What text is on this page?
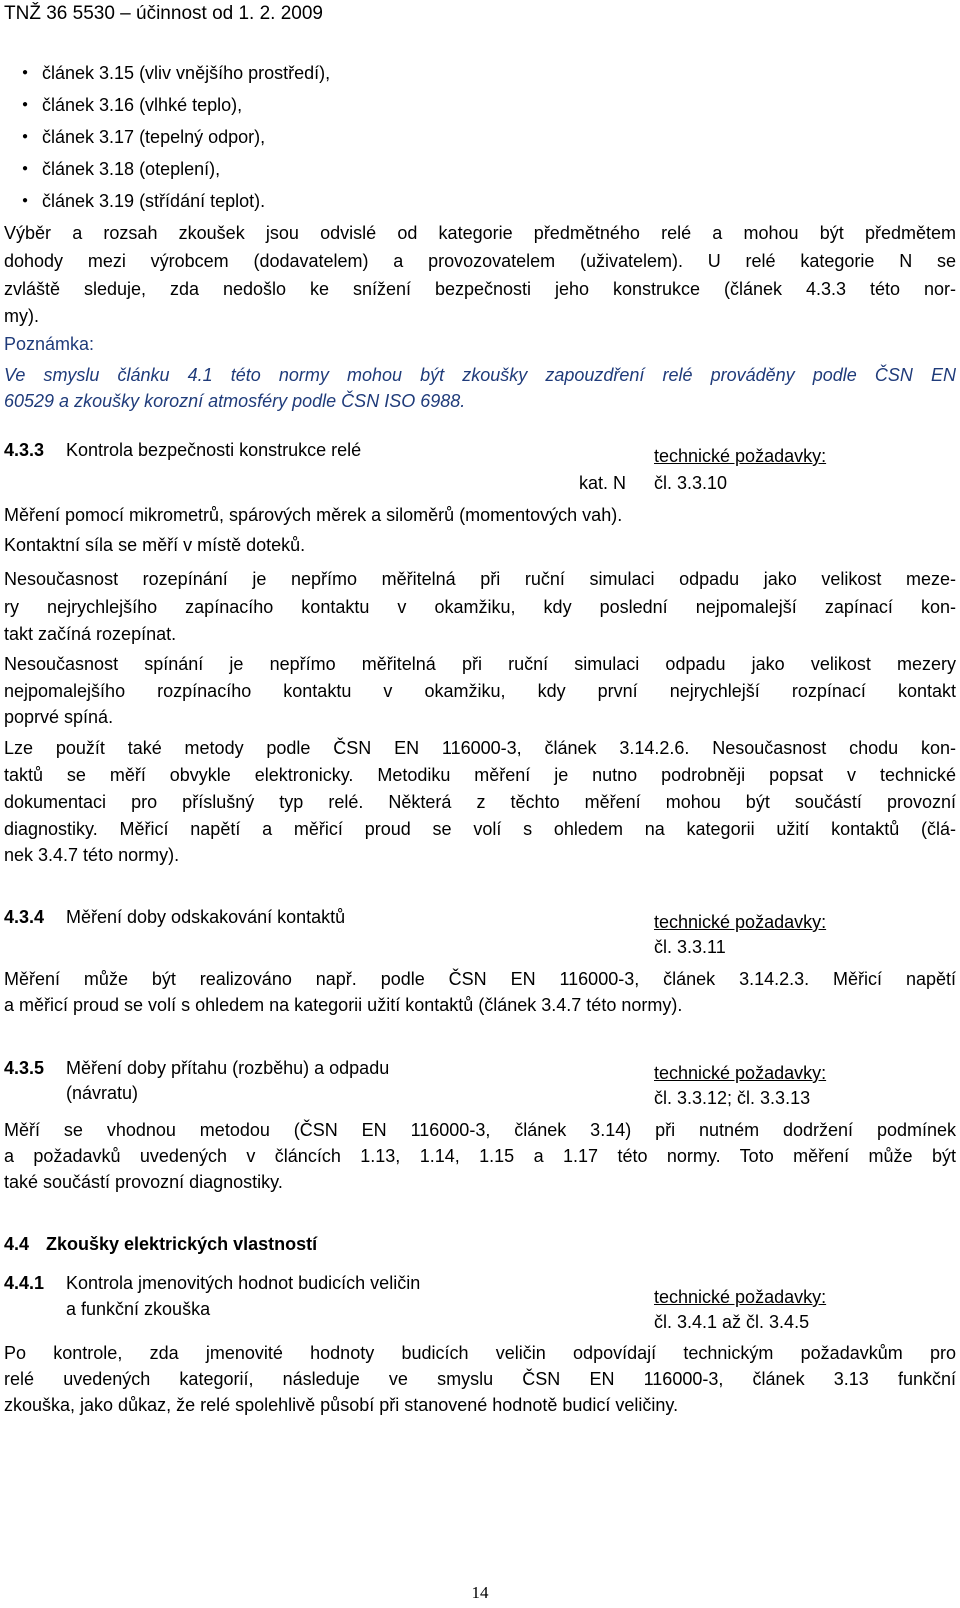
TNŽ 36 5530 – účinnost od 1. 2. 2009
● článek 3.15 (vliv vnějšího prostředí),
● článek 3.16 (vlhké teplo),
● článek 3.17 (tepelný odpor),
● článek 3.18 (oteplení),
● článek 3.19 (střídání teplot).
Výběr a rozsah zkoušek jsou odvislé od kategorie předmětného relé a mohou být předmětem
dohody mezi výrobcem (dodavatelem) a provozovatelem (uživatelem). U relé kategorie N se
zvláště sleduje, zda nedošlo ke snížení bezpečnosti jeho konstrukce (článek 4.3.3 této nor-
my).
Poznámka:
Ve smyslu článku 4.1 této normy mohou být zkoušky zapouzdření relé prováděny podle ČSN EN
60529 a zkoušky korozní atmosféry podle ČSN ISO 6988.
4.3.3 Kontrola bezpečnosti konstrukce relé	technické požadavky:
kat. N čl. 3.3.10
Měření pomocí mikrometrů, spárových měrek a siloměrů (momentových vah).
Kontaktní síla se měří v místě doteků.
Nesoučasnost rozepínání je nepřímo měřitelná při ruční simulaci odpadu jako velikost meze-
ry nejrychlejšího zapínacího kontaktu v okamžiku, kdy poslední nejpomalejší zapínací kon-
takt začíná rozepínat.
Nesoučasnost spínání je nepřímo měřitelná při ruční simulaci odpadu jako velikost mezery
nejpomalejšího rozpínacího kontaktu v okamžiku, kdy první nejrychlejší rozpínací kontakt
poprvé spíná.
Lze použít také metody podle ČSN EN 116000-3, článek 3.14.2.6. Nesoučasnost chodu kon-
taktů se měří obvykle elektronicky. Metodiku měření je nutno podrobněji popsat v technické
dokumentaci pro příslušný typ relé. Některá z těchto měření mohou být součástí provozní
diagnostiky. Měřicí napětí a měřicí proud se volí s ohledem na kategorii užití kontaktů (člá-
nek 3.4.7 této normy).
4.3.4 Měření doby odskakování kontaktů	technické požadavky:
čl. 3.3.11
Měření může být realizováno např. podle ČSN EN 116000-3, článek 3.14.2.3. Měřicí napětí
a měřicí proud se volí s ohledem na kategorii užití kontaktů (článek 3.4.7 této normy).
4.3.5 Měření doby přítahu (rozběhu) a odpadu
(návratu)
technické požadavky:
čl. 3.3.12; čl. 3.3.13
Měří se vhodnou metodou (ČSN EN 116000-3, článek 3.14) při nutném dodržení podmínek
a požadavků uvedených v článcích 1.13, 1.14, 1.15 a 1.17 této normy. Toto měření může být
také součástí provozní diagnostiky.
4.4 Zkoušky elektrických vlastností
4.4.1 Kontrola jmenovitých hodnot budicích veličin
a funkční zkouška
technické požadavky:
čl. 3.4.1 až čl. 3.4.5
Po kontrole, zda jmenovité hodnoty budicích veličin odpovídají technickým požadavkům pro
relé uvedených kategorií, následuje ve smyslu ČSN EN 116000-3, článek 3.13 funkční
zkouška, jako důkaz, že relé spolehlivě působí při stanovené hodnotě budicí veličiny.
14
